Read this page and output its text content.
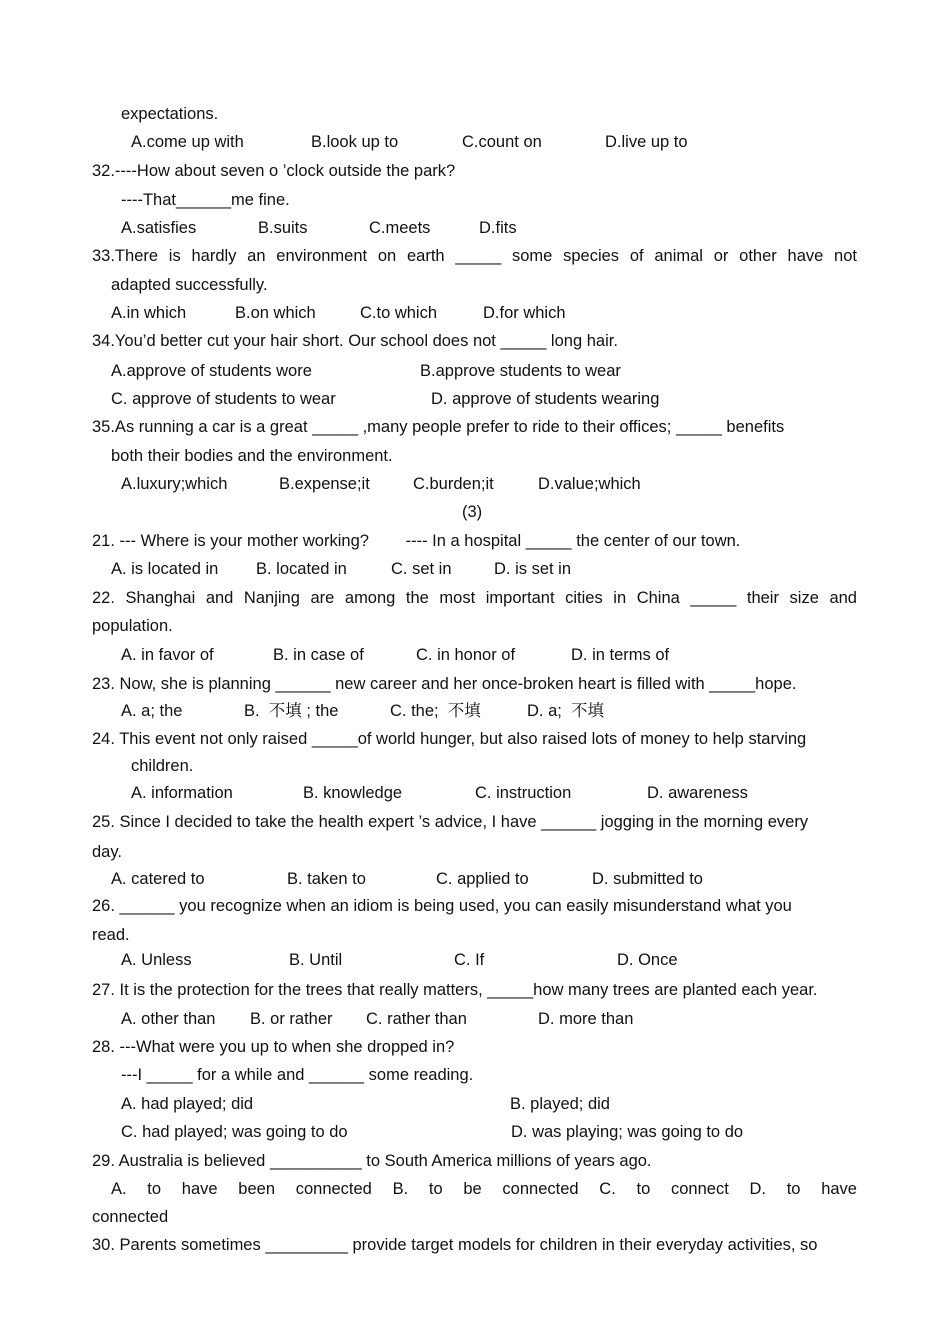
expectations.
A.come up with	B.look up to	C.count on	D.live up to
32.----How about seven o ’clock outside the park?
----That______me fine.
A.satisfies	B.suits	C.meets	D.fits
33.There is hardly an environment on earth _____ some species of animal or other have not
adapted successfully.
A.in which	B.on which	C.to which	D.for which
34.You’d better cut your hair short. Our school does not _____ long hair.
A.approve of students wore	B.approve students to wear
C. approve of students to wear	D. approve of students wearing
35.As running a car is a great _____ ,many people prefer to ride to their offices; _____ benefits
both their bodies and the environment.
A.luxury;which	B.expense;it	C.burden;it	D.value;which
(3)
21. --- Where is your mother working?        ---- In a hospital _____ the center of our town.
A. is located in B. located in	C. set in	D. is set in
22. Shanghai and Nanjing are among the most important cities in China _____ their size and
population.
A. in favor of	B. in case of	C. in honor of	D. in terms of
23. Now, she is planning ______ new career and her once-broken heart is filled with _____hope.
A. a; the	B.  不填 ; the	C. the;  不填	D. a;  不填
24. This event not only raised _____of world hunger, but also raised lots of money to help starving
children.
A. information	B. knowledge	C. instruction	D. awareness
25. Since I decided to take the health expert ’s advice, I have ______ jogging in the morning every
day.
A. catered to	B. taken to	C. applied to	D. submitted to
26. ______ you recognize when an idiom is being used, you can easily misunderstand what you
read.
A. Unless	B. Until	C. If	D. Once
27. It is the protection for the trees that really matters, _____how many trees are planted each year.
A. other than B. or rather C. rather than	D. more than
28. ---What were you up to when she dropped in?
---I _____ for a while and ______ some reading.
A. had played; did	B. played; did
C. had played; was going to do	D. was playing; was going to do
29. Australia is believed __________ to South America millions of years ago.
A. to have been connected B. to be connected C. to connect D. to have
connected
30. Parents sometimes _________ provide target models for children in their everyday activities, so
